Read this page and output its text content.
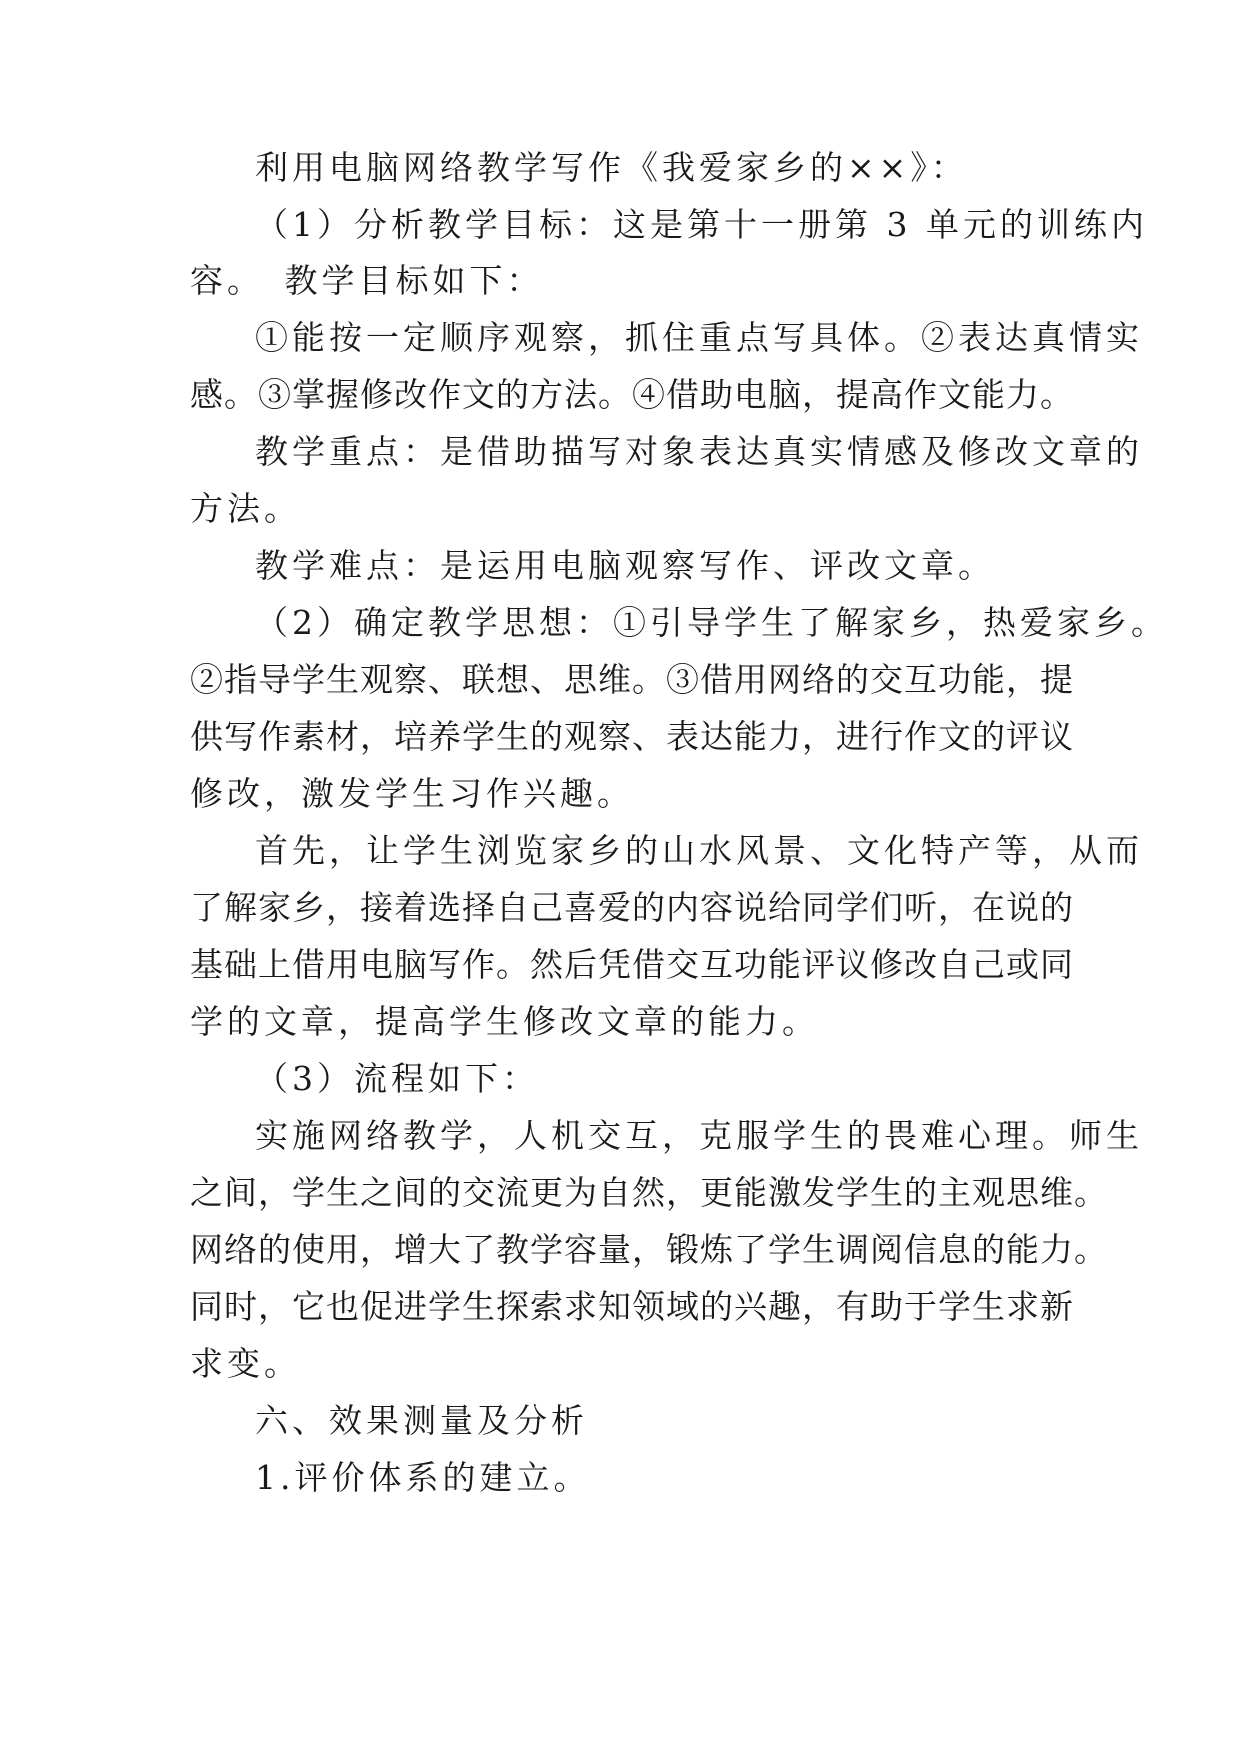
利用电脑网络教学写作《我爱家乡的××》：
（1）分析教学目标：这是第十一册第 3 单元的训练内
容。　教学目标如下：
①能按一定顺序观察，抓住重点写具体。②表达真情实
感。③掌握修改作文的方法。④借助电脑，提高作文能力。
教学重点：是借助描写对象表达真实情感及修改文章的
方法。
教学难点：是运用电脑观察写作、评改文章。
（2）确定教学思想：①引导学生了解家乡，热爱家乡。
②指导学生观察、联想、思维。③借用网络的交互功能，提
供写作素材，培养学生的观察、表达能力，进行作文的评议
修改，激发学生习作兴趣。
首先，让学生浏览家乡的山水风景、文化特产等，从而
了解家乡，接着选择自己喜爱的内容说给同学们听，在说的
基础上借用电脑写作。然后凭借交互功能评议修改自己或同
学的文章，提高学生修改文章的能力。
（3）流程如下：
实施网络教学，人机交互，克服学生的畏难心理。师生
之间，学生之间的交流更为自然，更能激发学生的主观思维。
网络的使用，增大了教学容量，锻炼了学生调阅信息的能力。
同时，它也促进学生探索求知领域的兴趣，有助于学生求新
求变。
六、效果测量及分析
1.评价体系的建立。
